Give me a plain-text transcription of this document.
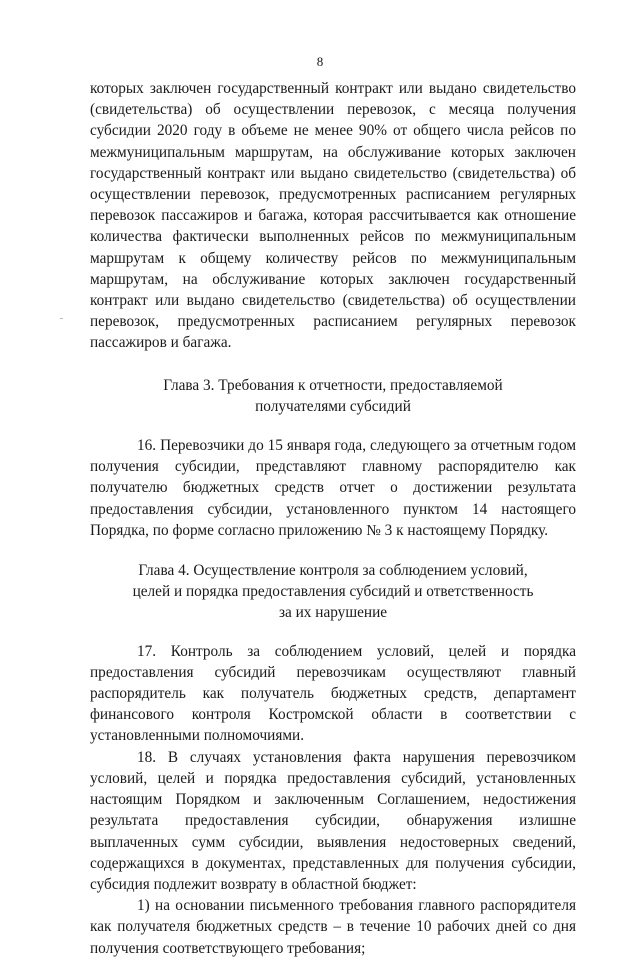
8

которых заключен государственный контракт или выдано свидетельство (свидетельства) об осуществлении перевозок, с месяца получения субсидии 2020 году в объеме не менее 90% от общего числа рейсов по межмуниципальным маршрутам, на обслуживание которых заключен государственный контракт или выдано свидетельство (свидетельства) об осуществлении перевозок, предусмотренных расписанием регулярных перевозок пассажиров и багажа, которая рассчитывается как отношение количества фактически выполненных рейсов по межмуниципальным маршрутам к общему количеству рейсов по межмуниципальным маршрутам, на обслуживание которых заключен государственный контракт или выдано свидетельство (свидетельства) об осуществлении перевозок, предусмотренных расписанием регулярных перевозок пассажиров и багажа.

Глава 3. Требования к отчетности, предоставляемой
получателями субсидий

16. Перевозчики до 15 января года, следующего за отчетным годом получения субсидии, представляют главному распорядителю как получателю бюджетных средств отчет о достижении результата предоставления субсидии, установленного пунктом 14 настоящего Порядка, по форме согласно приложению № 3 к настоящему Порядку.

Глава 4. Осуществление контроля за соблюдением условий,
целей и порядка предоставления субсидий и ответственность
за их нарушение

17. Контроль за соблюдением условий, целей и порядка предоставления субсидий перевозчикам осуществляют главный распорядитель как получатель бюджетных средств, департамент финансового контроля Костромской области в соответствии с установленными полномочиями.

18. В случаях установления факта нарушения перевозчиком условий, целей и порядка предоставления субсидий, установленных настоящим Порядком и заключенным Соглашением, недостижения результата предоставления субсидии, обнаружения излишне выплаченных сумм субсидии, выявления недостоверных сведений, содержащихся в документах, представленных для получения субсидии, субсидия подлежит возврату в областной бюджет:

1) на основании письменного требования главного распорядителя как получателя бюджетных средств – в течение 10 рабочих дней со дня получения соответствующего требования;
